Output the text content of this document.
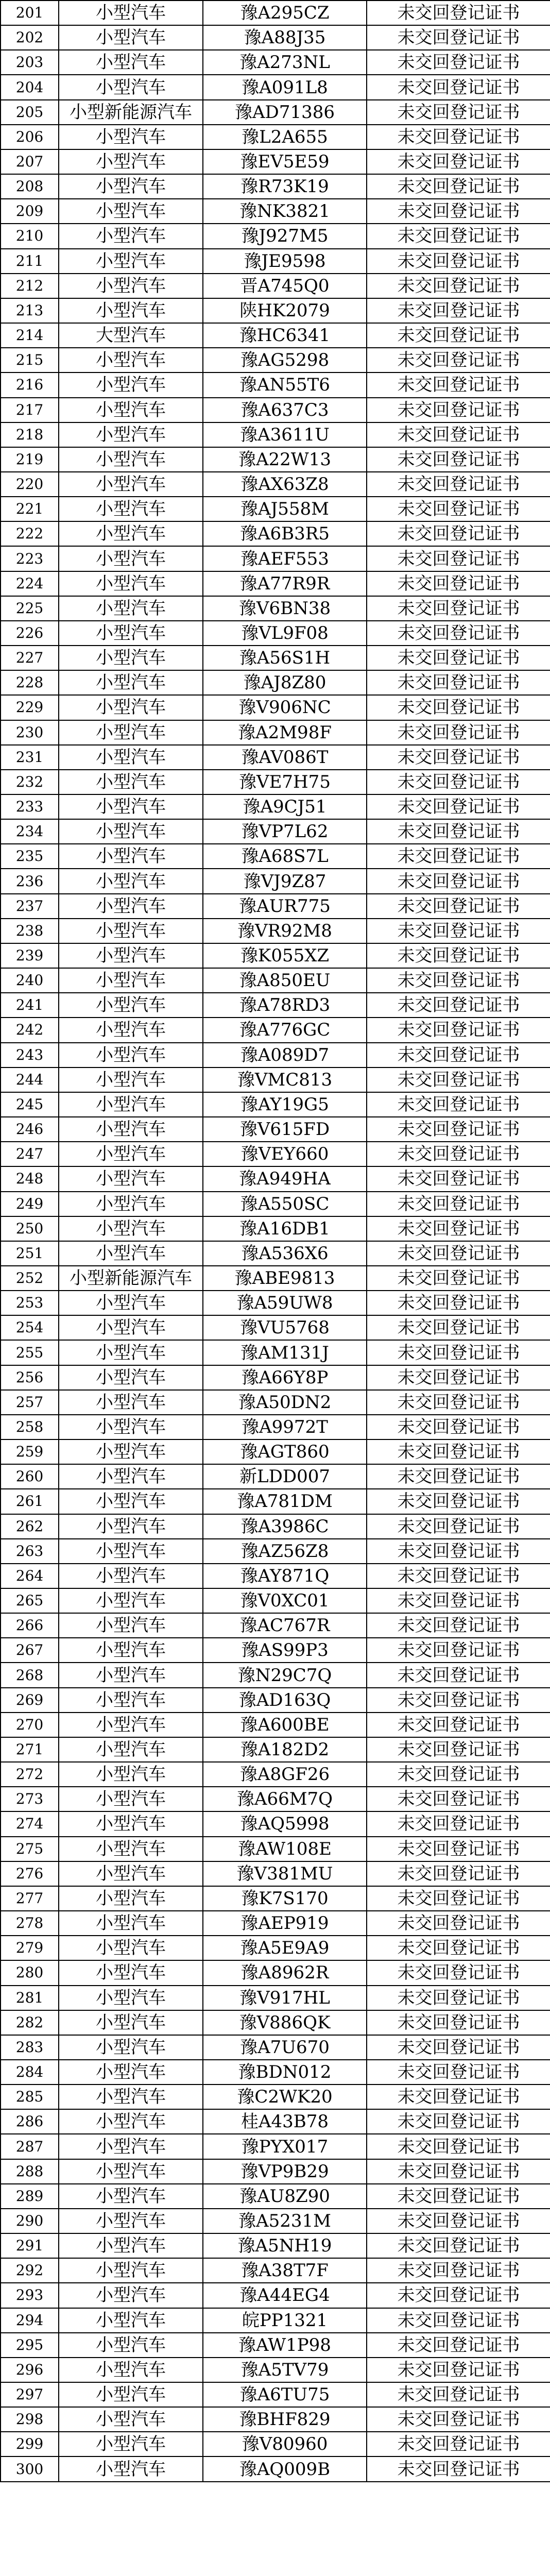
201	小型汽车	豫A295CZ	未交回登记证书
202	小型汽车	豫A88J35	未交回登记证书
203	小型汽车	豫A273NL	未交回登记证书
204	小型汽车	豫A091L8	未交回登记证书
205	小型新能源汽车	豫AD71386	未交回登记证书
206	小型汽车	豫L2A655	未交回登记证书
207	小型汽车	豫EV5E59	未交回登记证书
208	小型汽车	豫R73K19	未交回登记证书
209	小型汽车	豫NK3821	未交回登记证书
210	小型汽车	豫J927M5	未交回登记证书
211	小型汽车	豫JE9598	未交回登记证书
212	小型汽车	晋A745Q0	未交回登记证书
213	小型汽车	陕HK2079	未交回登记证书
214	大型汽车	豫HC6341	未交回登记证书
215	小型汽车	豫AG5298	未交回登记证书
216	小型汽车	豫AN55T6	未交回登记证书
217	小型汽车	豫A637C3	未交回登记证书
218	小型汽车	豫A3611U	未交回登记证书
219	小型汽车	豫A22W13	未交回登记证书
220	小型汽车	豫AX63Z8	未交回登记证书
221	小型汽车	豫AJ558M	未交回登记证书
222	小型汽车	豫A6B3R5	未交回登记证书
223	小型汽车	豫AEF553	未交回登记证书
224	小型汽车	豫A77R9R	未交回登记证书
225	小型汽车	豫V6BN38	未交回登记证书
226	小型汽车	豫VL9F08	未交回登记证书
227	小型汽车	豫A56S1H	未交回登记证书
228	小型汽车	豫AJ8Z80	未交回登记证书
229	小型汽车	豫V906NC	未交回登记证书
230	小型汽车	豫A2M98F	未交回登记证书
231	小型汽车	豫AV086T	未交回登记证书
232	小型汽车	豫VE7H75	未交回登记证书
233	小型汽车	豫A9CJ51	未交回登记证书
234	小型汽车	豫VP7L62	未交回登记证书
235	小型汽车	豫A68S7L	未交回登记证书
236	小型汽车	豫VJ9Z87	未交回登记证书
237	小型汽车	豫AUR775	未交回登记证书
238	小型汽车	豫VR92M8	未交回登记证书
239	小型汽车	豫K055XZ	未交回登记证书
240	小型汽车	豫A850EU	未交回登记证书
241	小型汽车	豫A78RD3	未交回登记证书
242	小型汽车	豫A776GC	未交回登记证书
243	小型汽车	豫A089D7	未交回登记证书
244	小型汽车	豫VMC813	未交回登记证书
245	小型汽车	豫AY19G5	未交回登记证书
246	小型汽车	豫V615FD	未交回登记证书
247	小型汽车	豫VEY660	未交回登记证书
248	小型汽车	豫A949HA	未交回登记证书
249	小型汽车	豫A550SC	未交回登记证书
250	小型汽车	豫A16DB1	未交回登记证书
251	小型汽车	豫A536X6	未交回登记证书
252	小型新能源汽车	豫ABE9813	未交回登记证书
253	小型汽车	豫A59UW8	未交回登记证书
254	小型汽车	豫VU5768	未交回登记证书
255	小型汽车	豫AM131J	未交回登记证书
256	小型汽车	豫A66Y8P	未交回登记证书
257	小型汽车	豫A50DN2	未交回登记证书
258	小型汽车	豫A9972T	未交回登记证书
259	小型汽车	豫AGT860	未交回登记证书
260	小型汽车	新LDD007	未交回登记证书
261	小型汽车	豫A781DM	未交回登记证书
262	小型汽车	豫A3986C	未交回登记证书
263	小型汽车	豫AZ56Z8	未交回登记证书
264	小型汽车	豫AY871Q	未交回登记证书
265	小型汽车	豫V0XC01	未交回登记证书
266	小型汽车	豫AC767R	未交回登记证书
267	小型汽车	豫AS99P3	未交回登记证书
268	小型汽车	豫N29C7Q	未交回登记证书
269	小型汽车	豫AD163Q	未交回登记证书
270	小型汽车	豫A600BE	未交回登记证书
271	小型汽车	豫A182D2	未交回登记证书
272	小型汽车	豫A8GF26	未交回登记证书
273	小型汽车	豫A66M7Q	未交回登记证书
274	小型汽车	豫AQ5998	未交回登记证书
275	小型汽车	豫AW108E	未交回登记证书
276	小型汽车	豫V381MU	未交回登记证书
277	小型汽车	豫K7S170	未交回登记证书
278	小型汽车	豫AEP919	未交回登记证书
279	小型汽车	豫A5E9A9	未交回登记证书
280	小型汽车	豫A8962R	未交回登记证书
281	小型汽车	豫V917HL	未交回登记证书
282	小型汽车	豫V886QK	未交回登记证书
283	小型汽车	豫A7U670	未交回登记证书
284	小型汽车	豫BDN012	未交回登记证书
285	小型汽车	豫C2WK20	未交回登记证书
286	小型汽车	桂A43B78	未交回登记证书
287	小型汽车	豫PYX017	未交回登记证书
288	小型汽车	豫VP9B29	未交回登记证书
289	小型汽车	豫AU8Z90	未交回登记证书
290	小型汽车	豫A5231M	未交回登记证书
291	小型汽车	豫A5NH19	未交回登记证书
292	小型汽车	豫A38T7F	未交回登记证书
293	小型汽车	豫A44EG4	未交回登记证书
294	小型汽车	皖PP1321	未交回登记证书
295	小型汽车	豫AW1P98	未交回登记证书
296	小型汽车	豫A5TV79	未交回登记证书
297	小型汽车	豫A6TU75	未交回登记证书
298	小型汽车	豫BHF829	未交回登记证书
299	小型汽车	豫V80960	未交回登记证书
300	小型汽车	豫AQ009B	未交回登记证书
